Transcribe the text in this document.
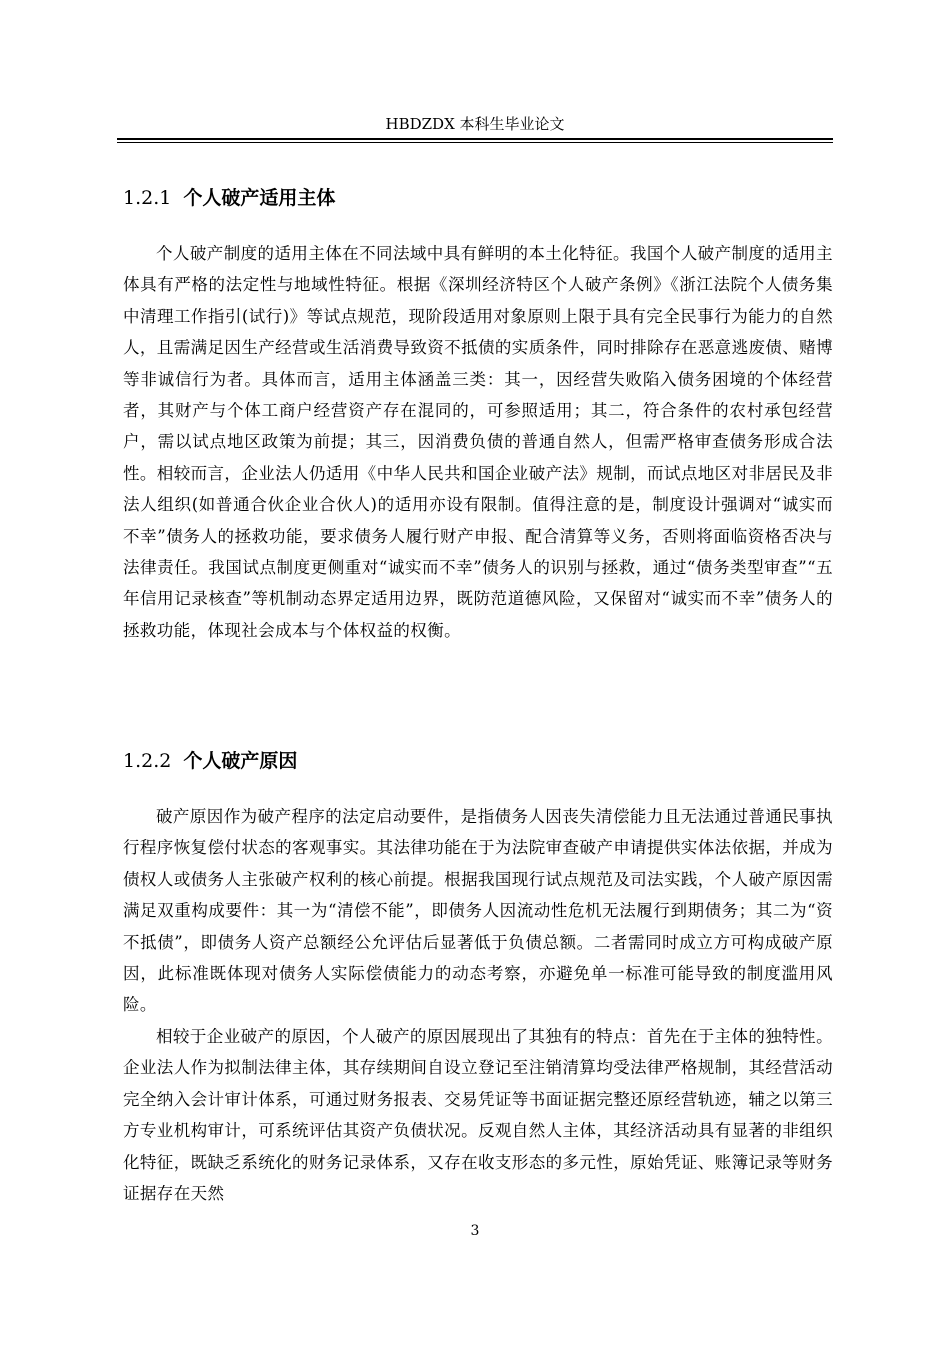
HBDZDX 本科生毕业论文
1.2.1 个人破产适用主体

个人破产制度的适用主体在不同法域中具有鲜明的本土化特征。我国个人破产制度的适用主体具有严格的法定性与地域性特征。根据《深圳经济特区个人破产条例》《浙江法院个人债务集中清理工作指引(试行)》等试点规范，现阶段适用对象原则上限于具有完全民事行为能力的自然人，且需满足因生产经营或生活消费导致资不抵债的实质条件，同时排除存在恶意逃废债、赌博等非诚信行为者。具体而言，适用主体涵盖三类：其一，因经营失败陷入债务困境的个体经营者，其财产与个体工商户经营资产存在混同的，可参照适用；其二，符合条件的农村承包经营户，需以试点地区政策为前提；其三，因消费负债的普通自然人，但需严格审查债务形成合法性。相较而言，企业法人仍适用《中华人民共和国企业破产法》规制，而试点地区对非居民及非法人组织(如普通合伙企业合伙人)的适用亦设有限制。值得注意的是，制度设计强调对“诚实而不幸”债务人的拯救功能，要求债务人履行财产申报、配合清算等义务，否则将面临资格否决与法律责任。我国试点制度更侧重对“诚实而不幸”债务人的识别与拯救，通过“债务类型审查”“五年信用记录核查”等机制动态界定适用边界，既防范道德风险，又保留对“诚实而不幸”债务人的拯救功能，体现社会成本与个体权益的权衡。

1.2.2 个人破产原因

破产原因作为破产程序的法定启动要件，是指债务人因丧失清偿能力且无法通过普通民事执行程序恢复偿付状态的客观事实。其法律功能在于为法院审查破产申请提供实体法依据，并成为债权人或债务人主张破产权利的核心前提。根据我国现行试点规范及司法实践，个人破产原因需满足双重构成要件：其一为“清偿不能”，即债务人因流动性危机无法履行到期债务；其二为“资不抵债”，即债务人资产总额经公允评估后显著低于负债总额。二者需同时成立方可构成破产原因，此标准既体现对债务人实际偿债能力的动态考察，亦避免单一标准可能导致的制度滥用风险。

相较于企业破产的原因，个人破产的原因展现出了其独有的特点：首先在于主体的独特性。企业法人作为拟制法律主体，其存续期间自设立登记至注销清算均受法律严格规制，其经营活动完全纳入会计审计体系，可通过财务报表、交易凭证等书面证据完整还原经营轨迹，辅之以第三方专业机构审计，可系统评估其资产负债状况。反观自然人主体，其经济活动具有显著的非组织化特征，既缺乏系统化的财务记录体系，又存在收支形态的多元性，原始凭证、账簿记录等财务证据存在天然

3
